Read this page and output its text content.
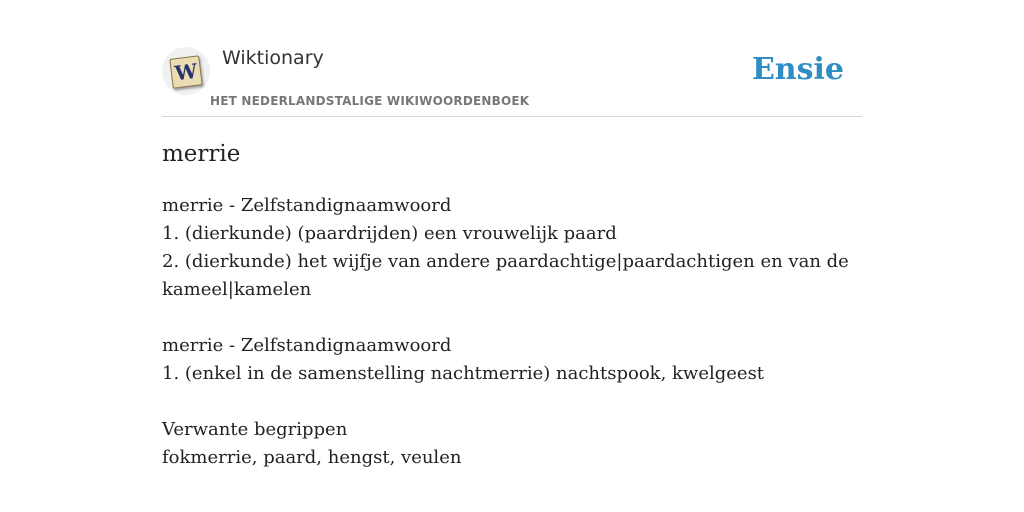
W
Wiktionary
HET NEDERLANDSTALIGE WIKIWOORDENBOEK
Ensie
merrie
merrie - Zelfstandignaamwoord
1. (dierkunde) (paardrijden) een vrouwelijk paard
2. (dierkunde) het wijfje van andere paardachtige|paardachtigen en van de kameel|kamelen
merrie - Zelfstandignaamwoord
1. (enkel in de samenstelling nachtmerrie) nachtspook, kwelgeest
Verwante begrippen
fokmerrie, paard, hengst, veulen
